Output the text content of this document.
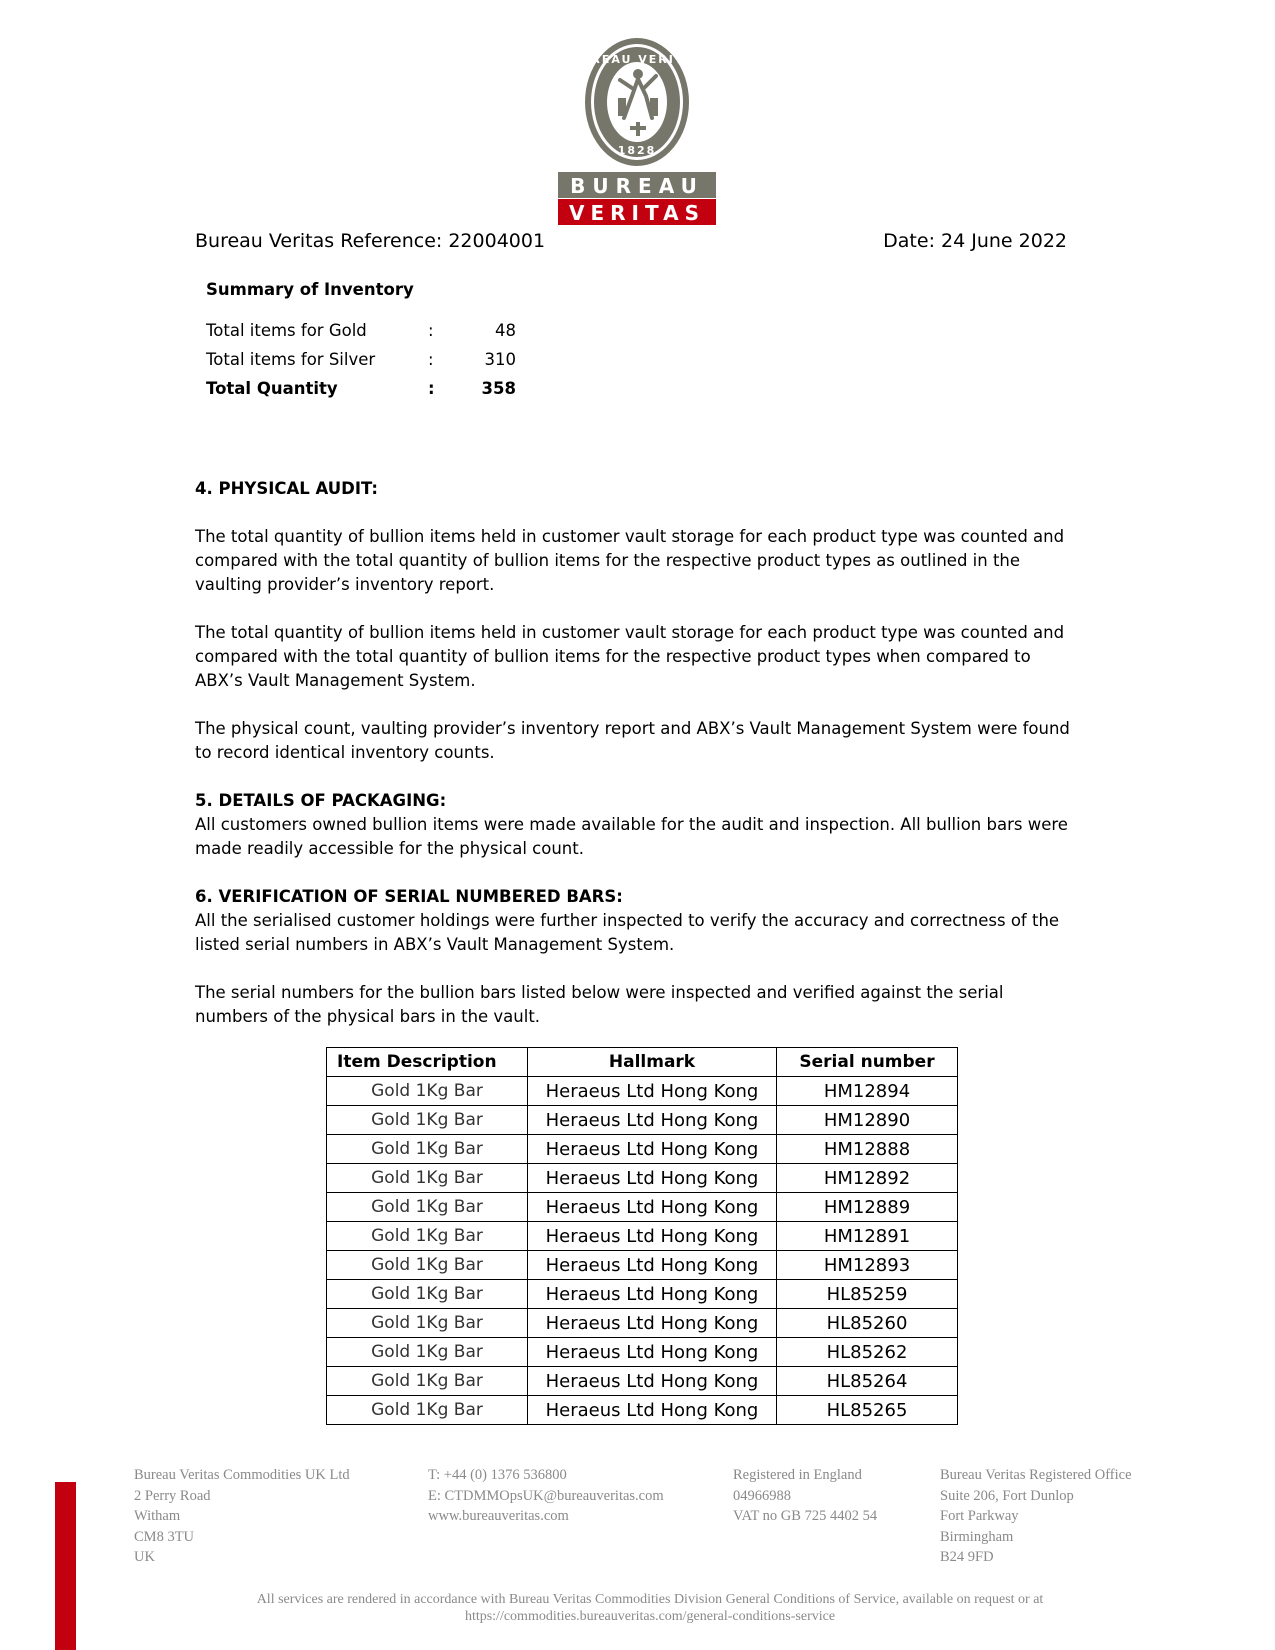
BUREAU VERITAS
1828
BUREAU
VERITAS
Bureau Veritas Reference: 22004001	Date: 24 June 2022
Summary of Inventory
Total items for Gold	:	48
Total items for Silver	:	310
Total Quantity	:	358

4. PHYSICAL AUDIT:

The total quantity of bullion items held in customer vault storage for each product type was counted and compared with the total quantity of bullion items for the respective product types as outlined in the vaulting provider’s inventory report.

The total quantity of bullion items held in customer vault storage for each product type was counted and compared with the total quantity of bullion items for the respective product types when compared to ABX’s Vault Management System.

The physical count, vaulting provider’s inventory report and ABX’s Vault Management System were found to record identical inventory counts.

5. DETAILS OF PACKAGING:
All customers owned bullion items were made available for the audit and inspection. All bullion bars were made readily accessible for the physical count.

6. VERIFICATION OF SERIAL NUMBERED BARS:
All the serialised customer holdings were further inspected to verify the accuracy and correctness of the listed serial numbers in ABX’s Vault Management System.

The serial numbers for the bullion bars listed below were inspected and verified against the serial numbers of the physical bars in the vault.

Item Description	Hallmark	Serial number
Gold 1Kg Bar	Heraeus Ltd Hong Kong	HM12894
Gold 1Kg Bar	Heraeus Ltd Hong Kong	HM12890
Gold 1Kg Bar	Heraeus Ltd Hong Kong	HM12888
Gold 1Kg Bar	Heraeus Ltd Hong Kong	HM12892
Gold 1Kg Bar	Heraeus Ltd Hong Kong	HM12889
Gold 1Kg Bar	Heraeus Ltd Hong Kong	HM12891
Gold 1Kg Bar	Heraeus Ltd Hong Kong	HM12893
Gold 1Kg Bar	Heraeus Ltd Hong Kong	HL85259
Gold 1Kg Bar	Heraeus Ltd Hong Kong	HL85260
Gold 1Kg Bar	Heraeus Ltd Hong Kong	HL85262
Gold 1Kg Bar	Heraeus Ltd Hong Kong	HL85264
Gold 1Kg Bar	Heraeus Ltd Hong Kong	HL85265
Bureau Veritas Commodities UK Ltd
2 Perry Road
Witham
CM8 3TU
UK
T: +44 (0) 1376 536800
E: CTDMMOpsUK@bureauveritas.com
www.bureauveritas.com
Registered in England
04966988
VAT no GB 725 4402 54
Bureau Veritas Registered Office
Suite 206, Fort Dunlop
Fort Parkway
Birmingham
B24 9FD
All services are rendered in accordance with Bureau Veritas Commodities Division General Conditions of Service, available on request or at
https://commodities.bureauveritas.com/general-conditions-service
